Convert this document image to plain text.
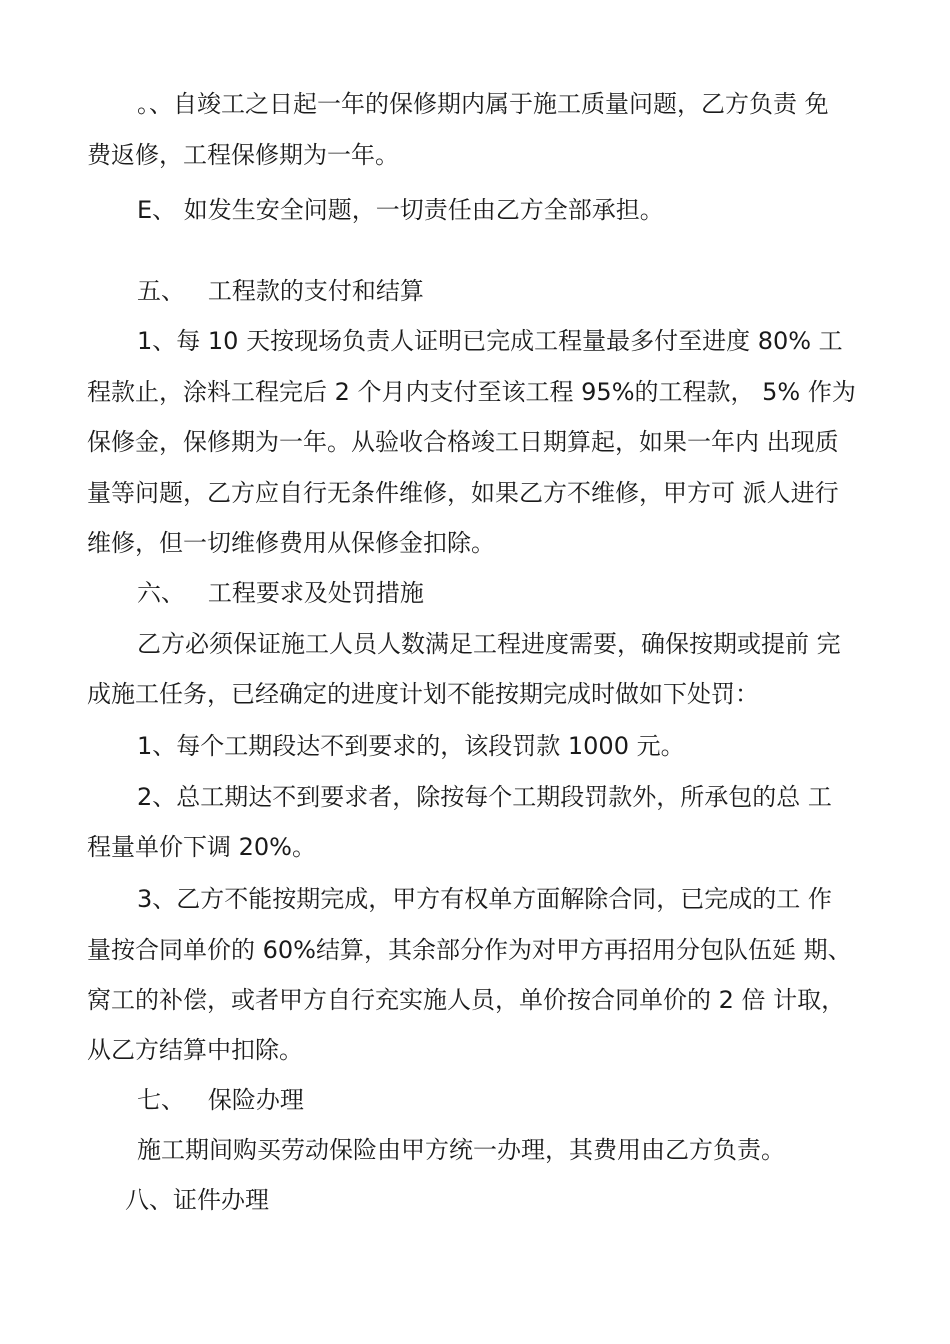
。、自竣工之日起一年的保修期内属于施工质量问题，乙方负责 免
费返修，工程保修期为一年。
E、 如发生安全问题，一切责任由乙方全部承担。
五、   工程款的支付和结算
1、每 10 天按现场负责人证明已完成工程量最多付至进度 80% 工
程款止，涂料工程完后 2 个月内支付至该工程 95%的工程款， 5% 作为
保修金，保修期为一年。从验收合格竣工日期算起，如果一年内 出现质
量等问题，乙方应自行无条件维修，如果乙方不维修，甲方可 派人进行
维修，但一切维修费用从保修金扣除。
六、   工程要求及处罚措施
乙方必须保证施工人员人数满足工程进度需要，确保按期或提前 完
成施工任务，已经确定的进度计划不能按期完成时做如下处罚：
1、每个工期段达不到要求的，该段罚款 1000 元。
2、总工期达不到要求者，除按每个工期段罚款外，所承包的总 工
程量单价下调 20%。
3、乙方不能按期完成，甲方有权单方面解除合同，已完成的工 作
量按合同单价的 60%结算，其余部分作为对甲方再招用分包队伍延 期、
窝工的补偿，或者甲方自行充实施人员，单价按合同单价的 2 倍 计取，
从乙方结算中扣除。
七、   保险办理
施工期间购买劳动保险由甲方统一办理，其费用由乙方负责。
八、证件办理
